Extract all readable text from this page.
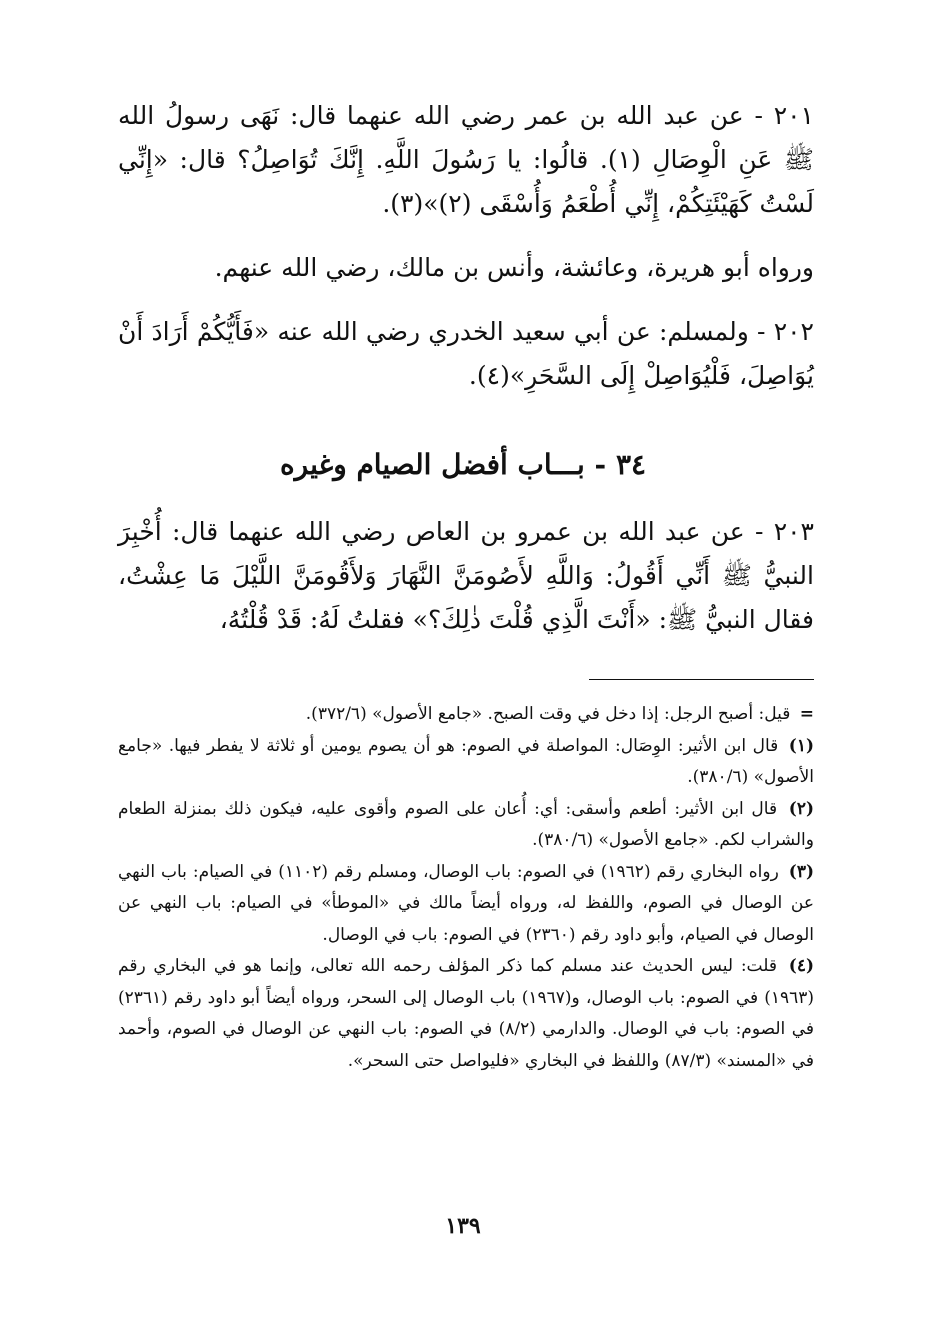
٢٠١ - عن عبد الله بن عمر رضي الله عنهما قال: نَهَى رسولُ الله ﷺ عَنِ الْوِصَالِ (١). قالُوا: يا رَسُولَ اللَّهِ. إِنَّكَ تُوَاصِلُ؟ قال: «إِنِّي لَسْتُ كَهَيْئَتِكُمْ، إِنِّي أُطْعَمُ وَأُسْقَى (٢)»(٣).

ورواه أبو هريرة، وعائشة، وأنس بن مالك، رضي الله عنهم.

٢٠٢ - ولمسلم: عن أبي سعيد الخدري رضي الله عنه «فَأَيُّكُمْ أَرَادَ أَنْ يُوَاصِلَ، فَلْيُوَاصِلْ إِلَى السَّحَرِ»(٤).

٣٤ - بـــاب أفضل الصيام وغيره

٢٠٣ - عن عبد الله بن عمرو بن العاص رضي الله عنهما قال: أُخْبِرَ النبيُّ ﷺ أَنِّي أَقُولُ: وَاللَّهِ لأَصُومَنَّ النَّهَارَ وَلأَقُومَنَّ اللَّيْلَ مَا عِشْتُ، فقال النبيُّ ﷺ: «أَنْتَ الَّذِي قُلْتَ ذٰلِكَ؟» فقلتُ لَهُ: قَدْ قُلْتُهُ،

= قيل: أصبح الرجل: إذا دخل في وقت الصبح. «جامع الأصول» (٣٧٢/٦).

(١) قال ابن الأثير: الوِصَال: المواصلة في الصوم: هو أن يصوم يومين أو ثلاثة لا يفطر فيها. «جامع الأصول» (٣٨٠/٦).

(٢) قال ابن الأثير: أطعم وأسقى: أي: أُعان على الصوم وأقوى عليه، فيكون ذلك بمنزلة الطعام والشراب لكم. «جامع الأصول» (٣٨٠/٦).

(٣) رواه البخاري رقم (١٩٦٢) في الصوم: باب الوصال، ومسلم رقم (١١٠٢) في الصيام: باب النهي عن الوصال في الصوم، واللفظ له، ورواه أيضاً مالك في «الموطأ» في الصيام: باب النهي عن الوصال في الصيام، وأبو داود رقم (٢٣٦٠) في الصوم: باب في الوصال.

(٤) قلت: ليس الحديث عند مسلم كما ذكر المؤلف رحمه الله تعالى، وإنما هو في البخاري رقم (١٩٦٣) في الصوم: باب الوصال، و(١٩٦٧) باب الوصال إلى السحر، ورواه أيضاً أبو داود رقم (٢٣٦١) في الصوم: باب في الوصال. والدارمي (٨/٢) في الصوم: باب النهي عن الوصال في الصوم، وأحمد في «المسند» (٨٧/٣) واللفظ في البخاري «فليواصل حتى السحر».

١٣٩
